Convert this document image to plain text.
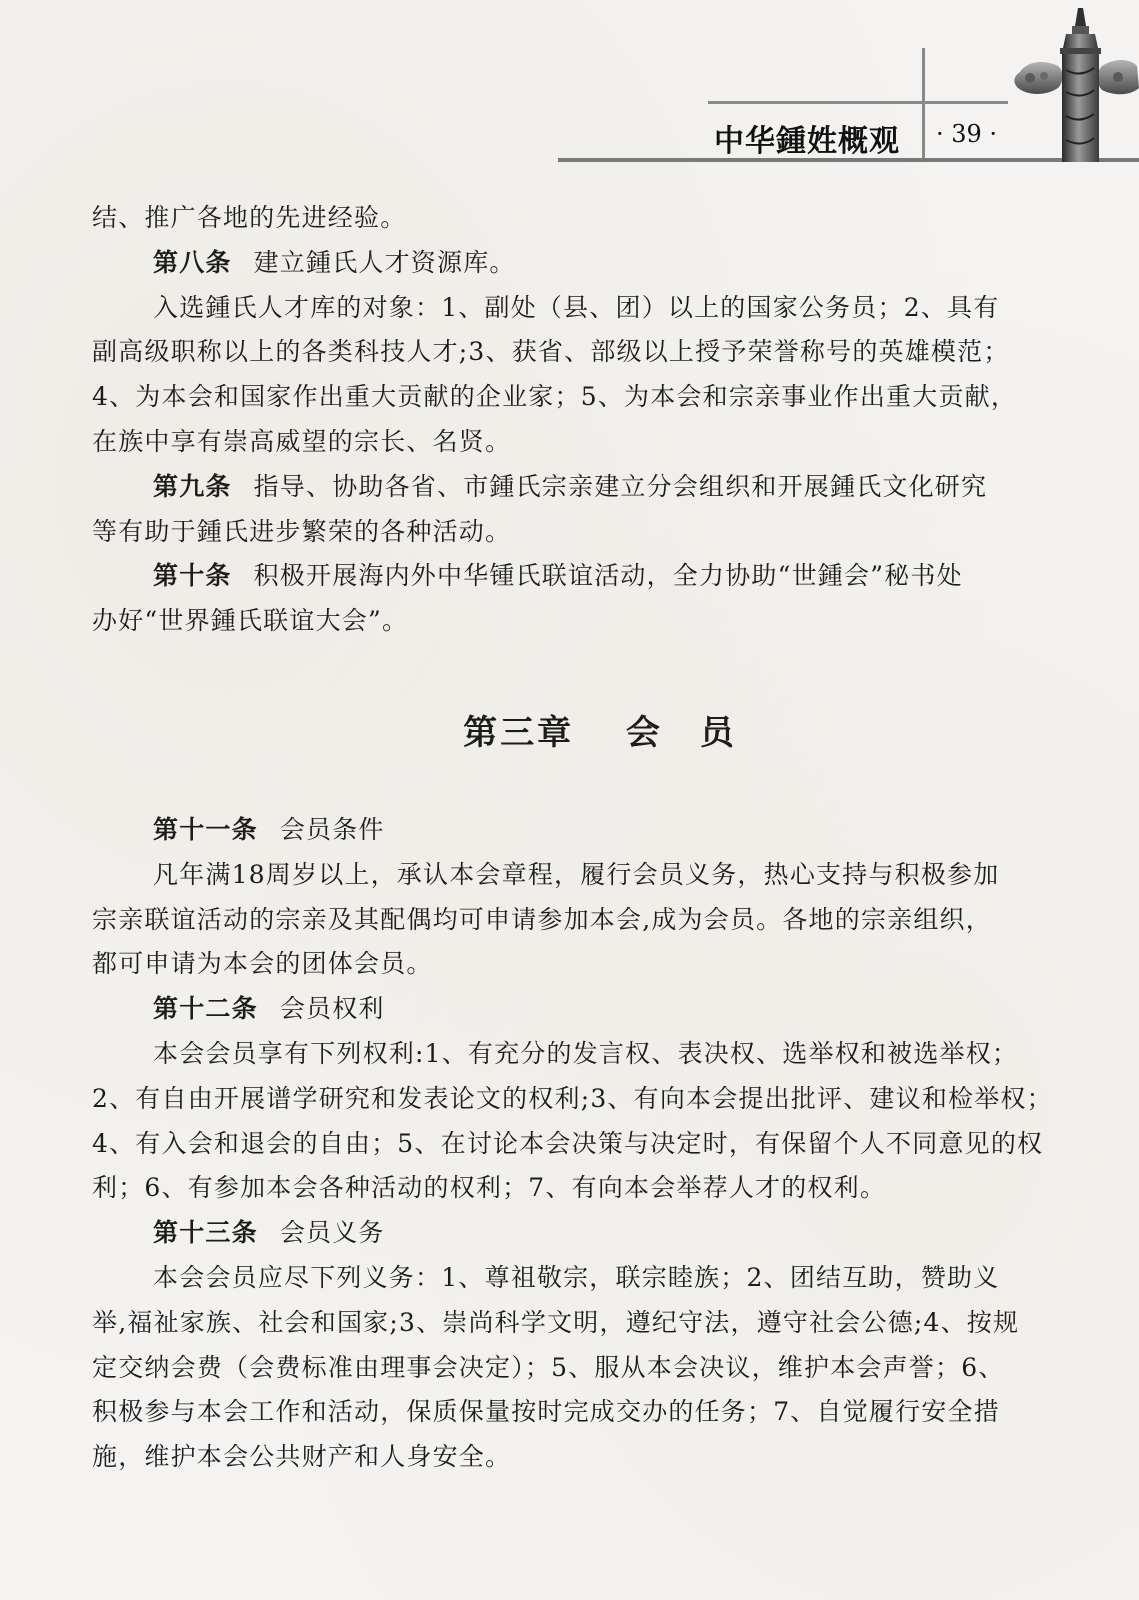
中华鍾姓概观 · 39 ·
结、推广各地的先进经验。
第八条 建立鍾氏人才资源库。
入选鍾氏人才库的对象：1、副处（县、团）以上的国家公务员；2、具有
副高级职称以上的各类科技人才;3、获省、部级以上授予荣誉称号的英雄模范；
4、为本会和国家作出重大贡献的企业家；5、为本会和宗亲事业作出重大贡献，
在族中享有崇高威望的宗长、名贤。
第九条 指导、协助各省、市鍾氏宗亲建立分会组织和开展鍾氏文化研究
等有助于鍾氏进步繁荣的各种活动。
第十条 积极开展海内外中华锺氏联谊活动，全力协助“世鍾会”秘书处
办好“世界鍾氏联谊大会”。
第三章　 会　员
第十一条 会员条件
凡年满18周岁以上，承认本会章程，履行会员义务，热心支持与积极参加
宗亲联谊活动的宗亲及其配偶均可申请参加本会,成为会员。各地的宗亲组织，
都可申请为本会的团体会员。
第十二条 会员权利
本会会员享有下列权利:1、有充分的发言权、表决权、选举权和被选举权；
2、有自由开展谱学研究和发表论文的权利;3、有向本会提出批评、建议和检举权；
4、有入会和退会的自由；5、在讨论本会决策与决定时，有保留个人不同意见的权
利；6、有参加本会各种活动的权利；7、有向本会举荐人才的权利。
第十三条 会员义务
本会会员应尽下列义务：1、尊祖敬宗，联宗睦族；2、团结互助，赞助义
举,福祉家族、社会和国家;3、崇尚科学文明，遵纪守法，遵守社会公德;4、按规
定交纳会费（会费标准由理事会决定）；5、服从本会决议，维护本会声誉；6、
积极参与本会工作和活动，保质保量按时完成交办的任务；7、自觉履行安全措
施，维护本会公共财产和人身安全。
